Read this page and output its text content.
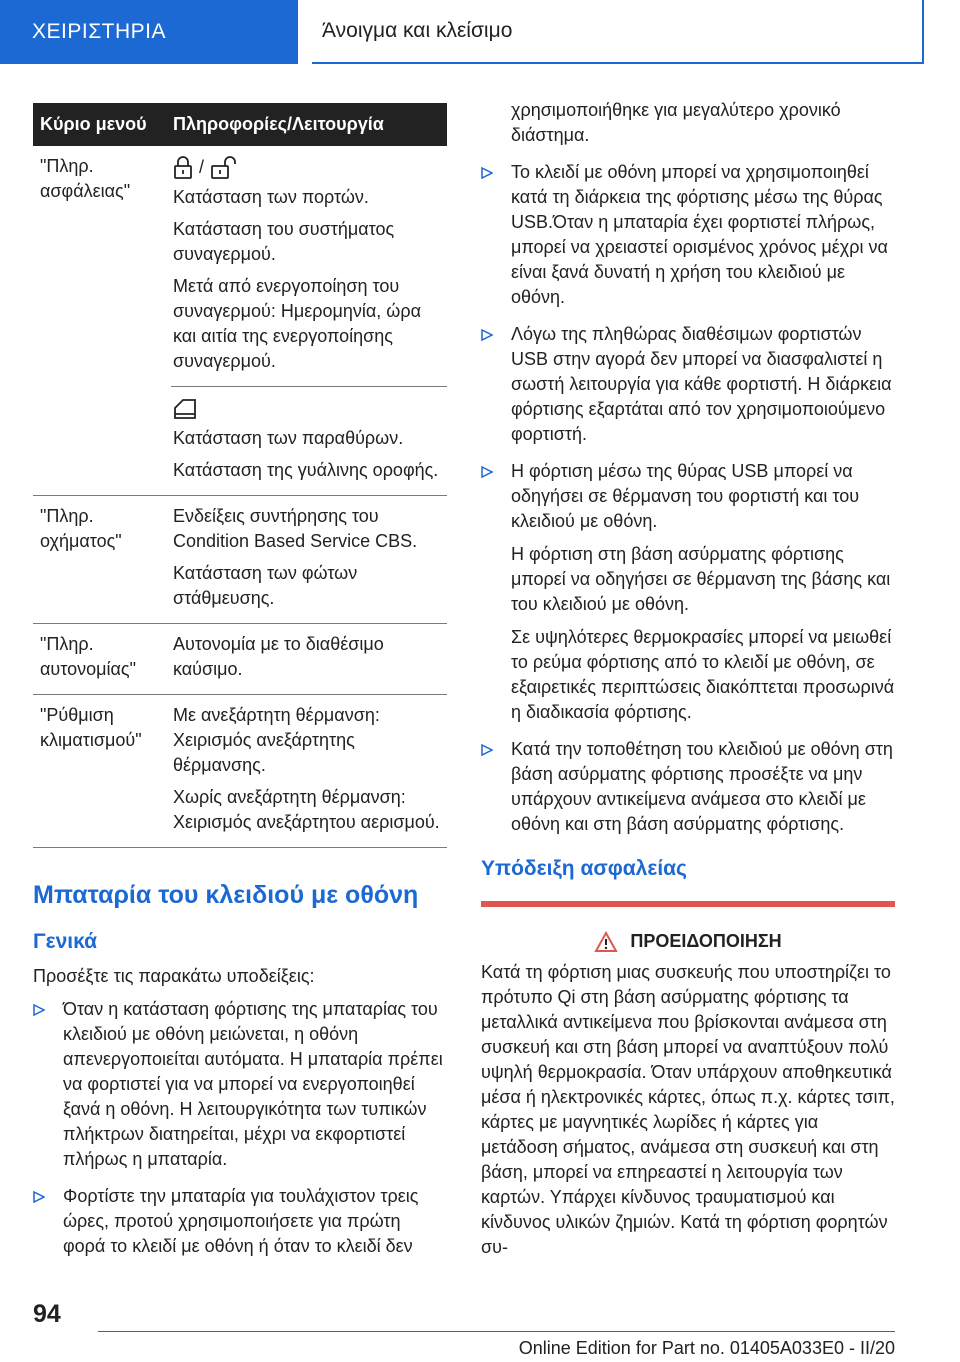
ΧΕΙΡΙΣΤΗΡΙΑ	Άνοιγμα και κλείσιμο
Κύριο μενού	Πληροφορίες/Λειτουργία
"Πληρ. ασφάλειας"	/

Κατάσταση των πορτών.

Κατάσταση του συστήματος συναγερμού.

Μετά από ενεργοποίηση του συναγερμού: Ημερομηνία, ώρα και αιτία της ενεργοποίησης συναγερμού.

	Κατάσταση των παραθύρων.

Κατάσταση της γυάλινης οροφής.

"Πληρ. οχήματος"	Ενδείξεις συντήρησης του Condition Based Service CBS.

Κατάσταση των φώτων στάθμευσης.

"Πληρ. αυτονομίας"	Αυτονομία με το διαθέσιμο καύσιμο.

"Ρύθμιση κλιματισμού"	Με ανεξάρτητη θέρμανση: Χειρισμός ανεξάρτητης θέρμανσης.

Χωρίς ανεξάρτητη θέρμανση: Χειρισμός ανεξάρτητου αερισμού.

Μπαταρία του κλειδιού με οθόνη
Γενικά

Προσέξτε τις παρακάτω υποδείξεις:

Όταν η κατάσταση φόρτισης της μπαταρίας του κλειδιού με οθόνη μειώνεται, η οθόνη απενεργοποιείται αυτόματα. Η μπαταρία πρέπει να φορτιστεί για να μπορεί να ενεργοποιηθεί ξανά η οθόνη. Η λειτουργικότητα των τυπικών πλήκτρων διατηρείται, μέχρι να εκφορτιστεί πλήρως η μπαταρία.

Φορτίστε την μπαταρία για τουλάχιστον τρεις ώρες, προτού χρησιμοποιήσετε για πρώτη φορά το κλειδί με οθόνη ή όταν το κλειδί δεν

χρησιμοποιήθηκε για μεγαλύτερο χρονικό διάστημα.

Το κλειδί με οθόνη μπορεί να χρησιμοποιηθεί κατά τη διάρκεια της φόρτισης μέσω της θύρας USB.Όταν η μπαταρία έχει φορτιστεί πλήρως, μπορεί να χρειαστεί ορισμένος χρόνος μέχρι να είναι ξανά δυνατή η χρήση του κλειδιού με οθόνη.

Λόγω της πληθώρας διαθέσιμων φορτιστών USB στην αγορά δεν μπορεί να διασφαλιστεί η σωστή λειτουργία για κάθε φορτιστή. Η διάρκεια φόρτισης εξαρτάται από τον χρησιμοποιούμενο φορτιστή.

Η φόρτιση μέσω της θύρας USB μπορεί να οδηγήσει σε θέρμανση του φορτιστή και του κλειδιού με οθόνη.

Η φόρτιση στη βάση ασύρματης φόρτισης μπορεί να οδηγήσει σε θέρμανση της βάσης και του κλειδιού με οθόνη.

Σε υψηλότερες θερμοκρασίες μπορεί να μειωθεί το ρεύμα φόρτισης από το κλειδί με οθόνη, σε εξαιρετικές περιπτώσεις διακόπτεται προσωρινά η διαδικασία φόρτισης.

Κατά την τοποθέτηση του κλειδιού με οθόνη στη βάση ασύρματης φόρτισης προσέξτε να μην υπάρχουν αντικείμενα ανάμεσα στο κλειδί με οθόνη και στη βάση ασύρματης φόρτισης.

Υπόδειξη ασφαλείας
ΠΡΟΕΙΔΟΠΟΙΗΣΗ
Κατά τη φόρτιση μιας συσκευής που υποστηρίζει το πρότυπο Qi στη βάση ασύρματης φόρτισης τα μεταλλικά αντικείμενα που βρίσκονται ανάμεσα στη συσκευή και στη βάση μπορεί να αναπτύξουν πολύ υψηλή θερμοκρασία. Όταν υπάρχουν αποθηκευτικά μέσα ή ηλεκτρονικές κάρτες, όπως π.χ. κάρτες τσιπ, κάρτες με μαγνητικές λωρίδες ή κάρτες για μετάδοση σήματος, ανάμεσα στη συσκευή και στη βάση, μπορεί να επηρεαστεί η λειτουργία των καρτών. Υπάρχει κίνδυνος τραυματισμού και κίνδυνος υλικών ζημιών. Κατά τη φόρτιση φορητών συ-
94
Online Edition for Part no. 01405A033E0 - II/20
